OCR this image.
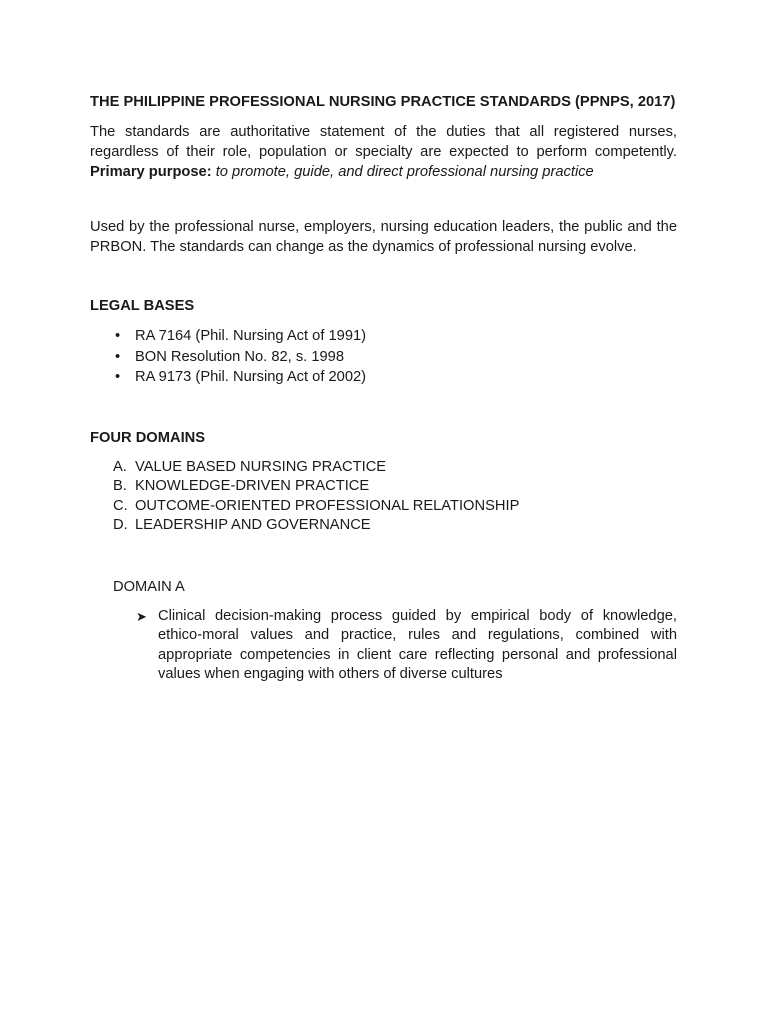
THE PHILIPPINE PROFESSIONAL NURSING PRACTICE STANDARDS (PPNPS, 2017)

The standards are authoritative statement of the duties that all registered nurses, regardless of their role, population or specialty are expected to perform competently. Primary purpose: to promote, guide, and direct professional nursing practice

Used by the professional nurse, employers, nursing education leaders, the public and the PRBON. The standards can change as the dynamics of professional nursing evolve.

LEGAL BASES

• RA 7164 (Phil. Nursing Act of 1991)
• BON Resolution No. 82, s. 1998
• RA 9173 (Phil. Nursing Act of 2002)

FOUR DOMAINS

A. VALUE BASED NURSING PRACTICE
B. KNOWLEDGE-DRIVEN PRACTICE
C. OUTCOME-ORIENTED PROFESSIONAL RELATIONSHIP
D. LEADERSHIP AND GOVERNANCE

DOMAIN A

➤ Clinical decision-making process guided by empirical body of knowledge, ethico-moral values and practice, rules and regulations, combined with appropriate competencies in client care reflecting personal and professional values when engaging with others of diverse cultures
